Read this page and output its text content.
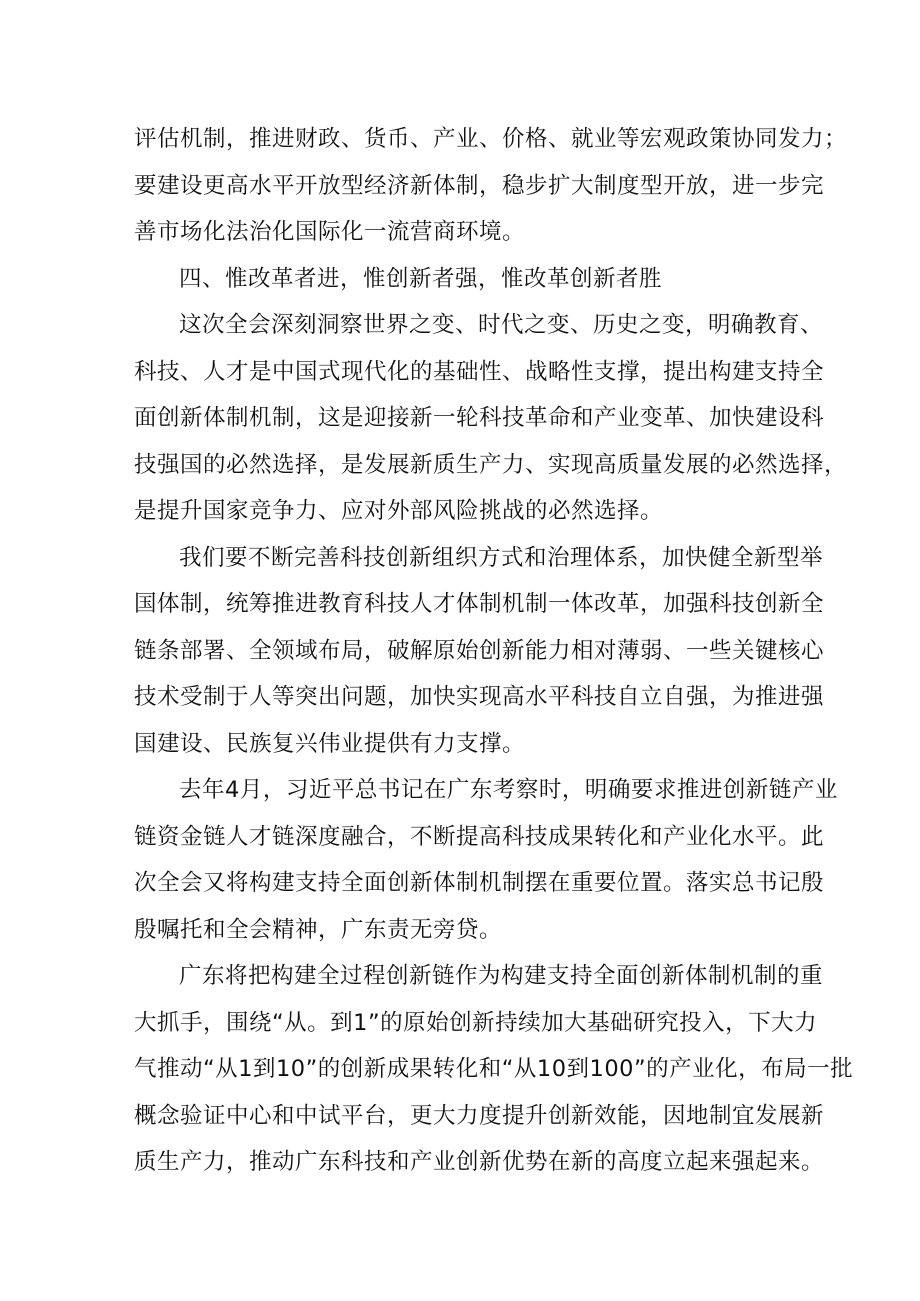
评估机制，推进财政、货币、产业、价格、就业等宏观政策协同发力；
要建设更高水平开放型经济新体制，稳步扩大制度型开放，进一步完
善市场化法治化国际化一流营商环境。

四、惟改革者进，惟创新者强，惟改革创新者胜

这次全会深刻洞察世界之变、时代之变、历史之变，明确教育、
科技、人才是中国式现代化的基础性、战略性支撑，提出构建支持全
面创新体制机制，这是迎接新一轮科技革命和产业变革、加快建设科
技强国的必然选择，是发展新质生产力、实现高质量发展的必然选择，
是提升国家竞争力、应对外部风险挑战的必然选择。

我们要不断完善科技创新组织方式和治理体系，加快健全新型举
国体制，统筹推进教育科技人才体制机制一体改革，加强科技创新全
链条部署、全领域布局，破解原始创新能力相对薄弱、一些关键核心
技术受制于人等突出问题，加快实现高水平科技自立自强，为推进强
国建设、民族复兴伟业提供有力支撑。

去年4月，习近平总书记在广东考察时，明确要求推进创新链产业
链资金链人才链深度融合，不断提高科技成果转化和产业化水平。此
次全会又将构建支持全面创新体制机制摆在重要位置。落实总书记殷
殷嘱托和全会精神，广东责无旁贷。

广东将把构建全过程创新链作为构建支持全面创新体制机制的重
大抓手，围绕“从。到1”的原始创新持续加大基础研究投入，下大力
气推动“从1到10”的创新成果转化和“从10到100”的产业化，布局一批
概念验证中心和中试平台，更大力度提升创新效能，因地制宜发展新
质生产力，推动广东科技和产业创新优势在新的高度立起来强起来。
